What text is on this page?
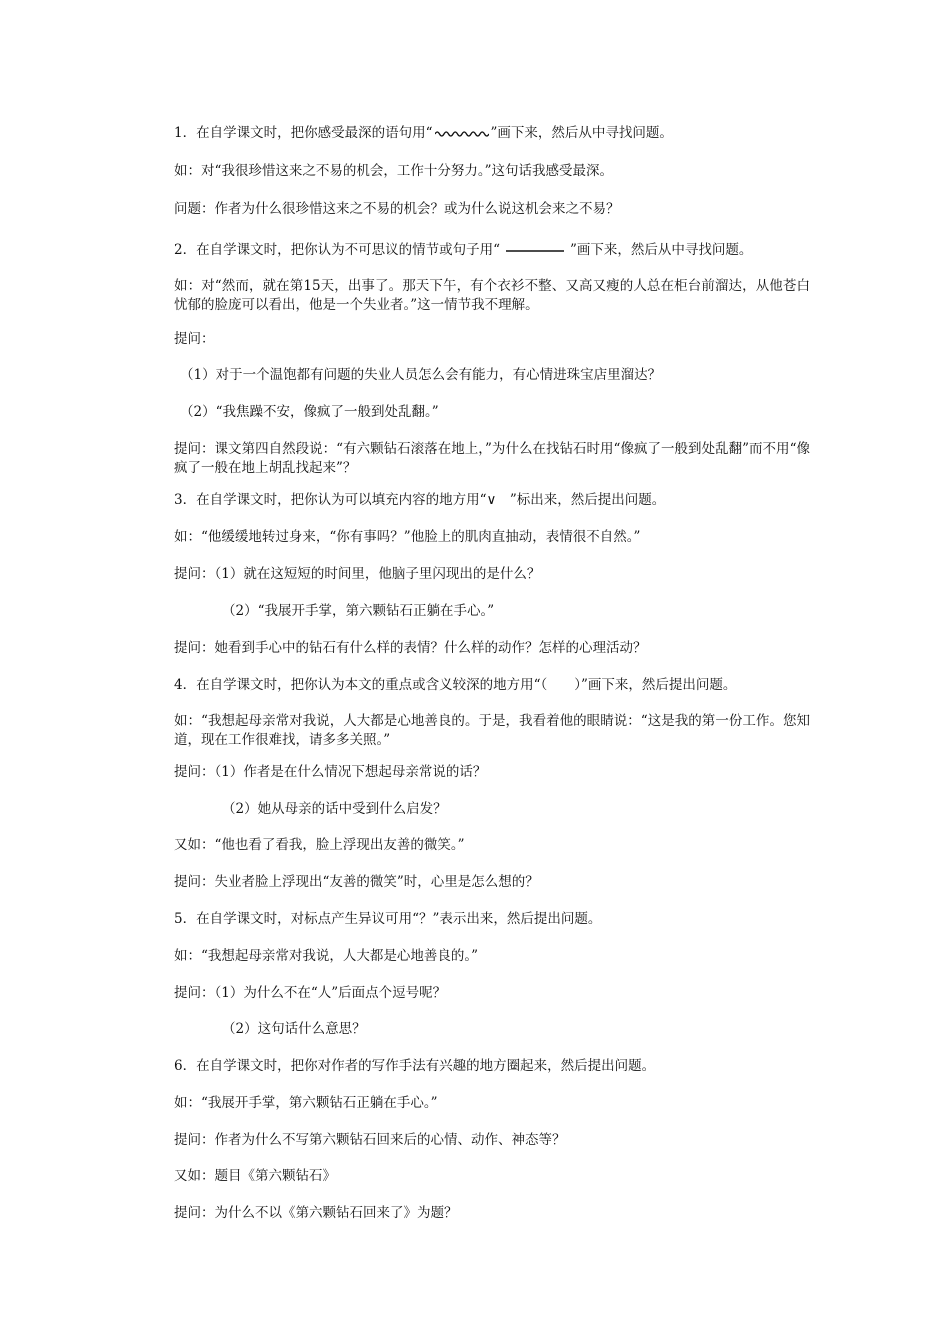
1．在自学课文时，把你感受最深的语句用“	”画下来，然后从中寻找问题。
如：对“我很珍惜这来之不易的机会，工作十分努力。”这句话我感受最深。
问题：作者为什么很珍惜这来之不易的机会？或为什么说这机会来之不易？
2．在自学课文时，把你认为不可思议的情节或句子用“	”画下来，然后从中寻找问题。
如：对“然而，就在第15天，出事了。那天下午，有个衣衫不整、又高又瘦的人总在柜台前溜达，从他苍白忧郁的脸庞可以看出，他是一个失业者。”这一情节我不理解。
提问：
（1）对于一个温饱都有问题的失业人员怎么会有能力，有心情进珠宝店里溜达？
（2）“我焦躁不安，像疯了一般到处乱翻。”
提问：课文第四自然段说：“有六颗钻石滚落在地上，”为什么在找钻石时用“像疯了一般到处乱翻”而不用“像疯了一般在地上胡乱找起来”？
3．在自学课文时，把你认为可以填充内容的地方用“∨　”标出来，然后提出问题。
如：“他缓缓地转过身来，“你有事吗？”他脸上的肌肉直抽动，表情很不自然。”
提问：（1）就在这短短的时间里，他脑子里闪现出的是什么？
（2）“我展开手掌，第六颗钻石正躺在手心。”
提问：她看到手心中的钻石有什么样的表情？什么样的动作？怎样的心理活动？
4．在自学课文时，把你认为本文的重点或含义较深的地方用“（　　）”画下来，然后提出问题。
如：“我想起母亲常对我说，人大都是心地善良的。于是，我看着他的眼睛说：“这是我的第一份工作。您知道，现在工作很难找，请多多关照。”
提问：（1）作者是在什么情况下想起母亲常说的话？
（2）她从母亲的话中受到什么启发？
又如：“他也看了看我，脸上浮现出友善的微笑。”
提问：失业者脸上浮现出“友善的微笑”时，心里是怎么想的？
5．在自学课文时，对标点产生异议可用“？”表示出来，然后提出问题。
如：“我想起母亲常对我说，人大都是心地善良的。”
提问：（1）为什么不在“人”后面点个逗号呢？
（2）这句话什么意思？
6．在自学课文时，把你对作者的写作手法有兴趣的地方圈起来，然后提出问题。
如：“我展开手掌，第六颗钻石正躺在手心。”
提问：作者为什么不写第六颗钻石回来后的心情、动作、神态等？
又如：题目《第六颗钻石》
提问：为什么不以《第六颗钻石回来了》为题？
